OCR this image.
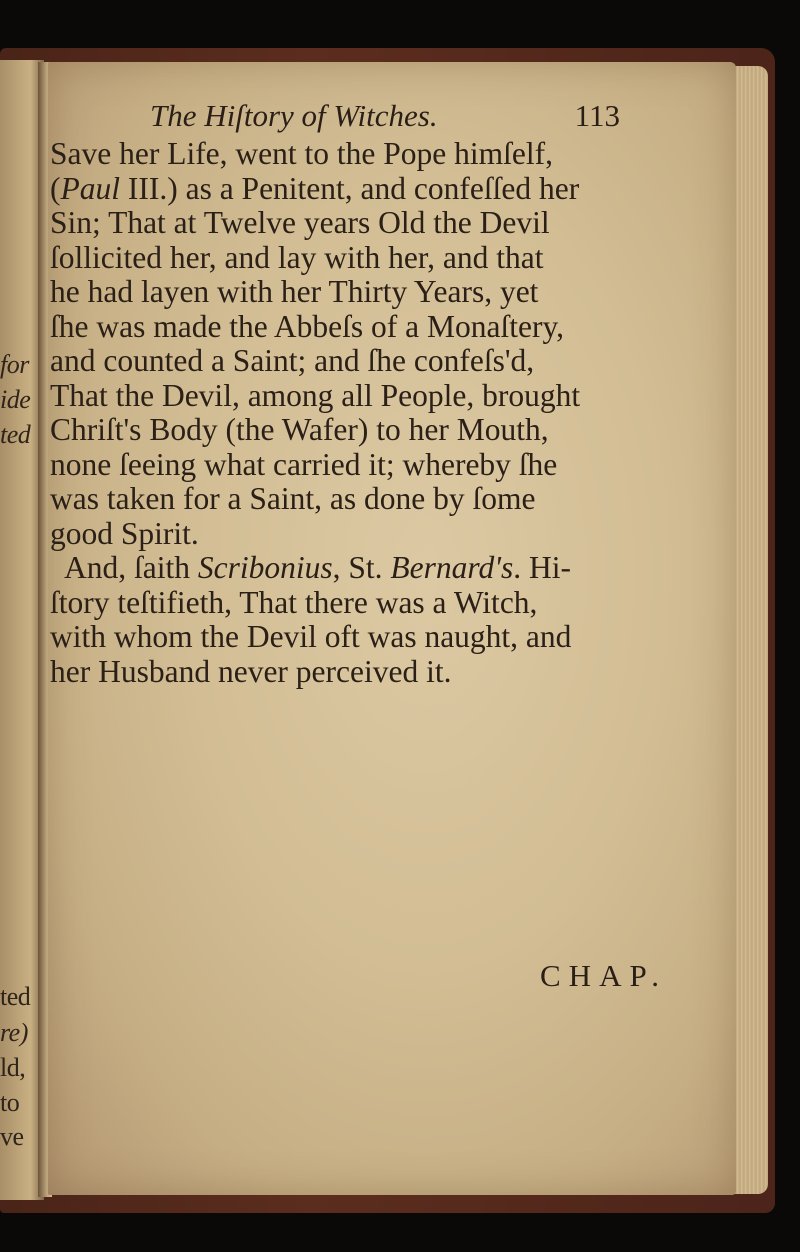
for
ide
ted
ted
re)
ld,
to
ve
The Hiſtory of Witches.	113
Save her Life, went to the Pope himſelf,
(Paul III.) as a Penitent, and confeſſed her
Sin; That at Twelve years Old the Devil
ſollicited her, and lay with her, and that
he had layen with her Thirty Years, yet
ſhe was made the Abbeſs of a Monaſtery,
and counted a Saint; and ſhe confeſs'd,
That the Devil, among all People, brought
Chriſt's Body (the Wafer) to her Mouth,
none ſeeing what carried it; whereby ſhe
was taken for a Saint, as done by ſome
good Spirit.
And, ſaith Scribonius, St. Bernard's. Hi-
ſtory teſtifieth, That there was a Witch,
with whom the Devil oft was naught, and
her Husband never perceived it.
CHAP.
